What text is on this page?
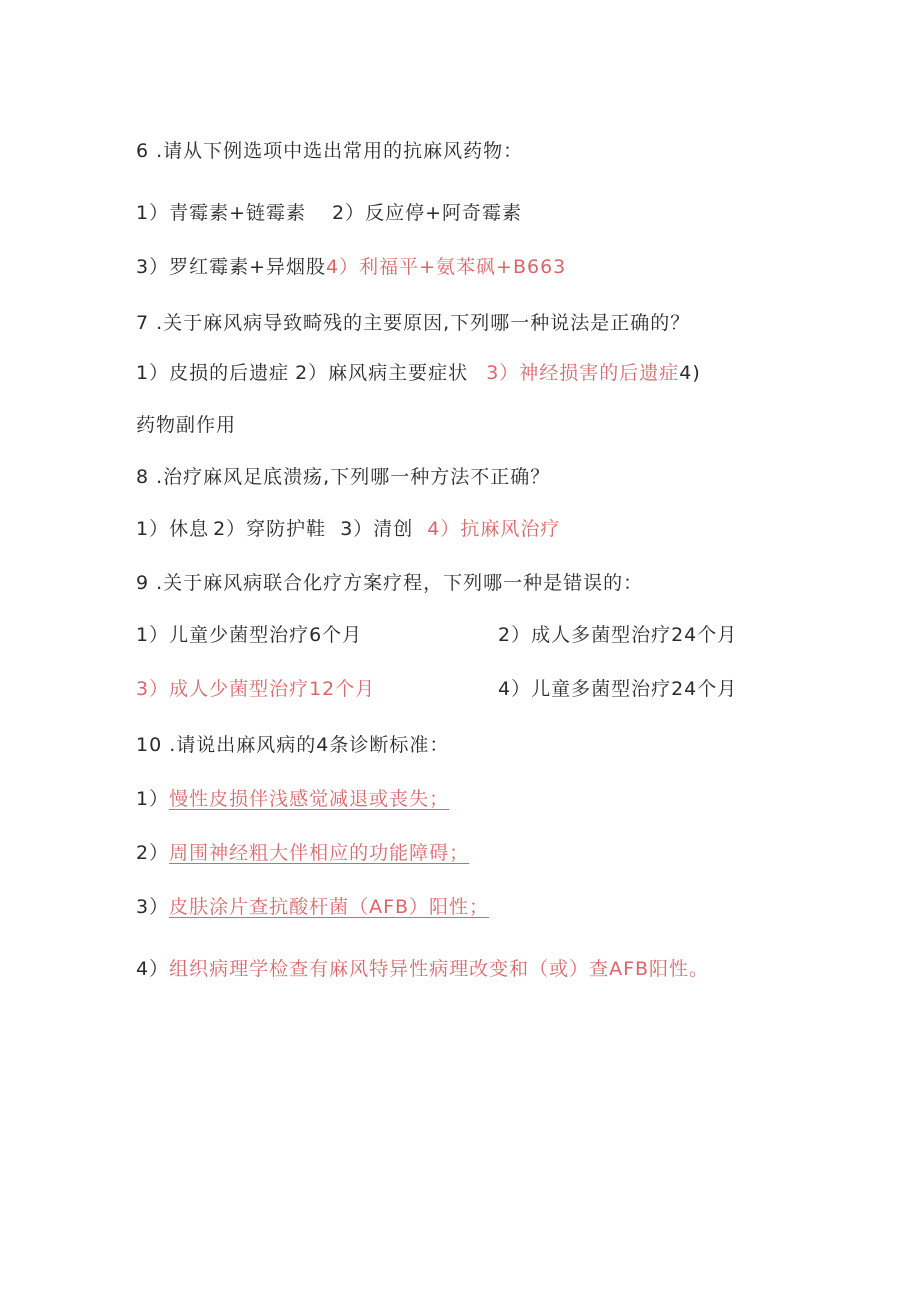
6 .请从下例选项中选出常用的抗麻风药物：
1）青霉素+链霉素 2）反应停+阿奇霉素
3）罗红霉素+异烟股4）利福平+氨苯砜+B663
7 .关于麻风病导致畸残的主要原因,下列哪一种说法是正确的？
1）皮损的后遗症 2）麻风病主要症状 3）神经损害的后遗症4)
药物副作用
8 .治疗麻风足底溃疡,下列哪一种方法不正确？
1）休息 2）穿防护鞋 3）清创 4）抗麻风治疗
9 .关于麻风病联合化疗方案疗程，下列哪一种是错误的：
1）儿童少菌型治疗6个月	2）成人多菌型治疗24个月
3）成人少菌型治疗12个月	4）儿童多菌型治疗24个月
10 .请说出麻风病的4条诊断标准：
1）慢性皮损伴浅感觉减退或丧失；
2）周围神经粗大伴相应的功能障碍；
3）皮肤涂片查抗酸杆菌（AFB）阳性；
4）组织病理学检查有麻风特异性病理改变和（或）查AFB阳性。
